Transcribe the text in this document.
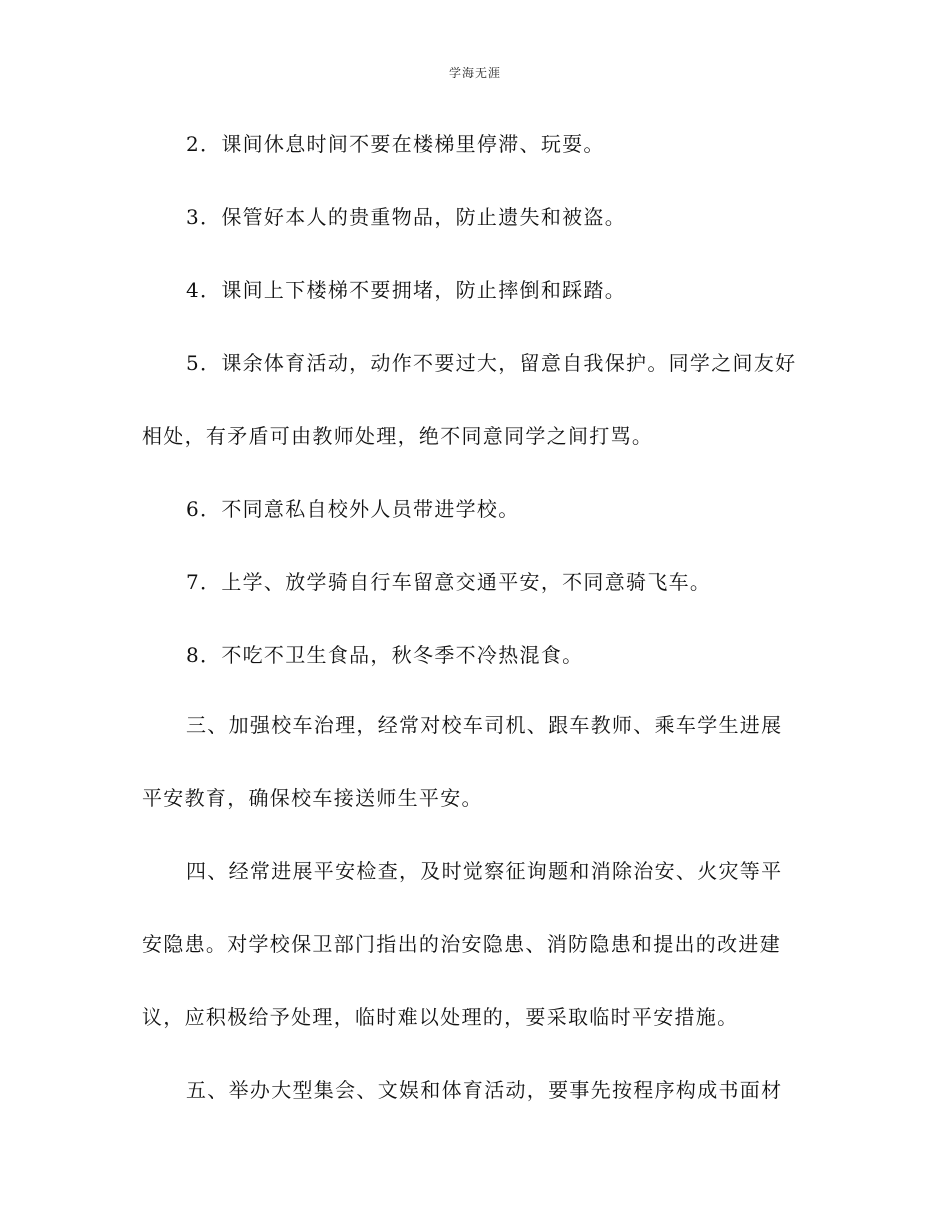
学海无涯
2．课间休息时间不要在楼梯里停滞、玩耍。
3．保管好本人的贵重物品，防止遗失和被盗。
4．课间上下楼梯不要拥堵，防止摔倒和踩踏。
5．课余体育活动，动作不要过大，留意自我保护。同学之间友好
相处，有矛盾可由教师处理，绝不同意同学之间打骂。
6．不同意私自校外人员带进学校。
7．上学、放学骑自行车留意交通平安，不同意骑飞车。
8．不吃不卫生食品，秋冬季不冷热混食。
三、加强校车治理，经常对校车司机、跟车教师、乘车学生进展
平安教育，确保校车接送师生平安。
四、经常进展平安检查，及时觉察征询题和消除治安、火灾等平
安隐患。对学校保卫部门指出的治安隐患、消防隐患和提出的改进建
议，应积极给予处理，临时难以处理的，要采取临时平安措施。
五、举办大型集会、文娱和体育活动，要事先按程序构成书面材
